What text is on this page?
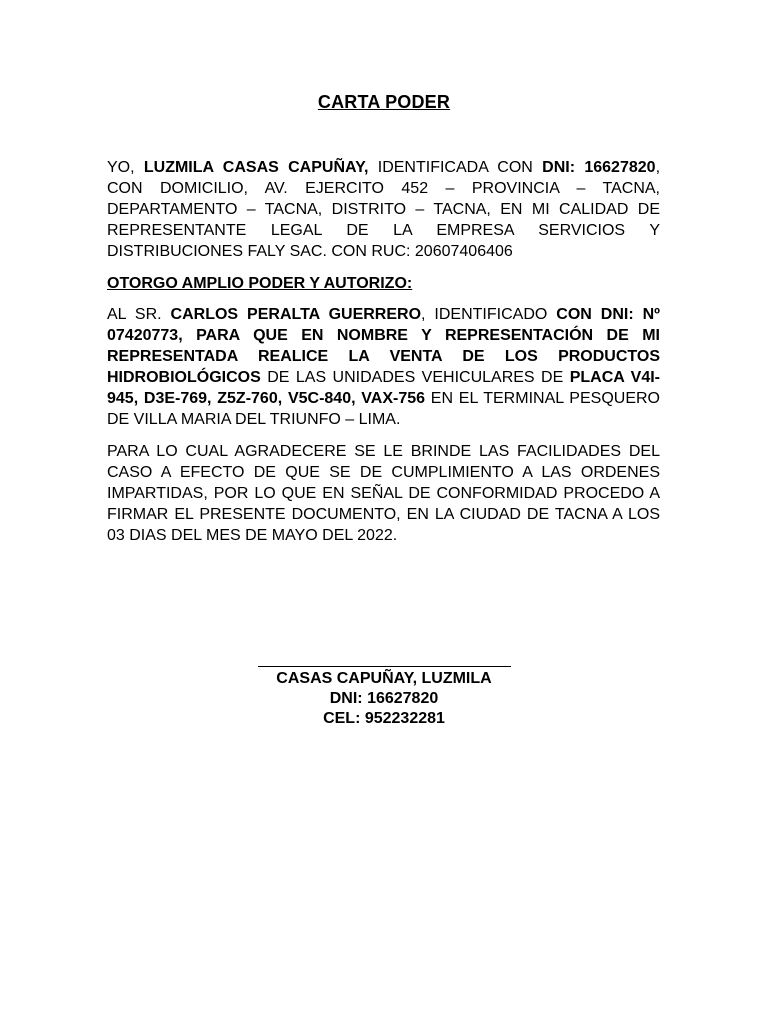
CARTA PODER
YO, LUZMILA CASAS CAPUÑAY, IDENTIFICADA CON DNI: 16627820, CON DOMICILIO, AV. EJERCITO 452 – PROVINCIA – TACNA, DEPARTAMENTO – TACNA, DISTRITO – TACNA, EN MI CALIDAD DE REPRESENTANTE LEGAL DE LA EMPRESA SERVICIOS Y DISTRIBUCIONES FALY SAC. CON RUC: 20607406406
OTORGO AMPLIO PODER Y AUTORIZO:
AL SR. CARLOS PERALTA GUERRERO, IDENTIFICADO CON DNI: Nº 07420773, PARA QUE EN NOMBRE Y REPRESENTACIÓN DE MI REPRESENTADA REALICE LA VENTA DE LOS PRODUCTOS HIDROBIOLÓGICOS DE LAS UNIDADES VEHICULARES DE PLACA V4I-945, D3E-769, Z5Z-760, V5C-840, VAX-756 EN EL TERMINAL PESQUERO DE VILLA MARIA DEL TRIUNFO – LIMA.
PARA LO CUAL AGRADECERE SE LE BRINDE LAS FACILIDADES DEL CASO A EFECTO DE QUE SE DE CUMPLIMIENTO A LAS ORDENES IMPARTIDAS, POR LO QUE EN SEÑAL DE CONFORMIDAD PROCEDO A FIRMAR EL PRESENTE DOCUMENTO, EN LA CIUDAD DE TACNA A LOS 03 DIAS DEL MES DE MAYO DEL 2022.
CASAS CAPUÑAY, LUZMILA
DNI: 16627820
CEL: 952232281
